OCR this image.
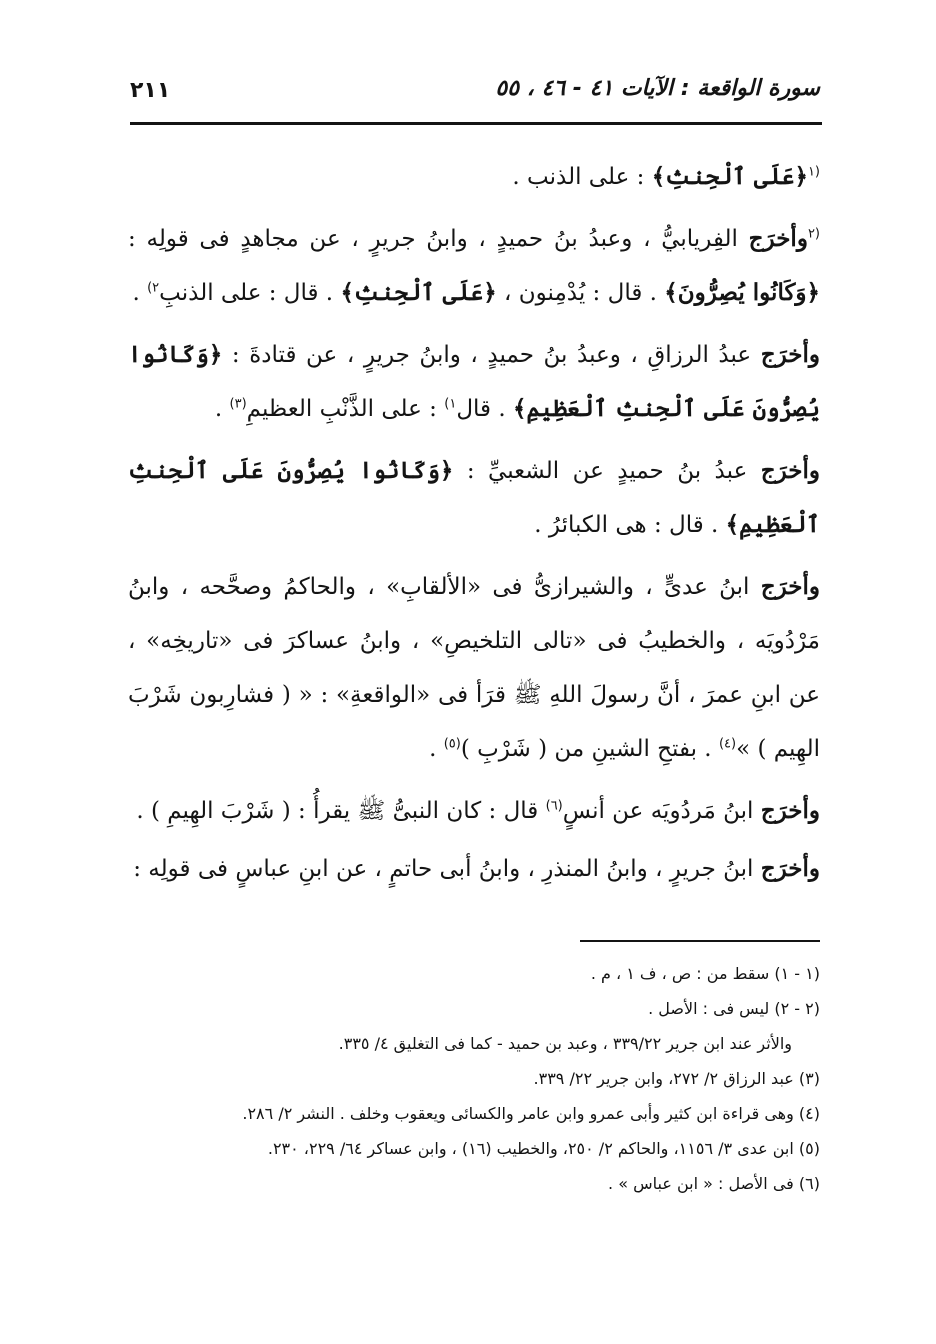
سورة الواقعة : الآيات ٤١ - ٤٦ ، ٥٥
٢١١

$^{(١}$﴿عَلَى ٱلْحِنثِ﴾ : على الذنب .

$^{(٢}$وأخرَج الفِريابيُّ ، وعبدُ بنُ حميدٍ ، وابنُ جريرٍ ، عن مجاهدٍ فى قولِه : ﴿وَكَانُوا يُصِرُّونَ﴾ . قال : يُدْمِنون ، ﴿عَلَى ٱلْحِنثِ﴾ . قال : على الذنبِ$^{٢)}$ .

وأخرَج عبدُ الرزاقِ ، وعبدُ بنُ حميدٍ ، وابنُ جريرٍ ، عن قتادةَ : ﴿وَكَانُوا يُصِرُّونَ عَلَى ٱلْحِنثِ ٱلْعَظِيمِ﴾ . قال$^{١)}$ : على الذَّنْبِ العظيمِ$^{(٣)}$ .

وأخرَج عبدُ بنُ حميدٍ عن الشعبيِّ : ﴿وَكَانُوا يُصِرُّونَ عَلَى ٱلْحِنثِ ٱلْعَظِيمِ﴾ . قال : هى الكبائرُ .

وأخرَج ابنُ عدىٍّ ، والشيرازىُّ فى «الألقابِ» ، والحاكمُ وصحَّحه ، وابنُ مَرْدُويَه ، والخطيبُ فى «تالى التلخيصِ» ، وابنُ عساكرَ فى «تاريخِه» ، عن ابنِ عمرَ ، أنَّ رسولَ اللهِ ﷺ قرَأ فى «الواقعةِ» : « ( فشارِبون شَرْبَ الهِيم ) »$^{(٤)}$ . بفتحِ الشينِ من ( شَرْبِ )$^{(٥)}$ .

وأخرَج ابنُ مَردُويَه عن أنسٍ$^{(٦)}$ قال : كان النبىُّ ﷺ يقرأُ : ( شَرْبَ الهِيمِ ) .

وأخرَج ابنُ جريرٍ ، وابنُ المنذرِ ، وابنُ أبى حاتمٍ ، عن ابنِ عباسٍ فى قولِه :

(١ - ١) سقط من : ص ، ف ١ ، م .

(٢ - ٢) ليس فى : الأصل .

والأثر عند ابن جرير ٣٣٩/٢٢ ، وعبد بن حميد - كما فى التغليق ٤/ ٣٣٥.

(٣) عبد الرزاق ٢/ ٢٧٢، وابن جرير ٢٢/ ٣٣٩.

(٤) وهى قراءة ابن كثير وأبى عمرو وابن عامر والكسائى ويعقوب وخلف . النشر ٢/ ٢٨٦.

(٥) ابن عدى ٣/ ١١٥٦، والحاكم ٢/ ٢٥٠، والخطيب (١٦) ، وابن عساكر ٦٤/ ٢٢٩، ٢٣٠.

(٦) فى الأصل : « ابن عباس » .
